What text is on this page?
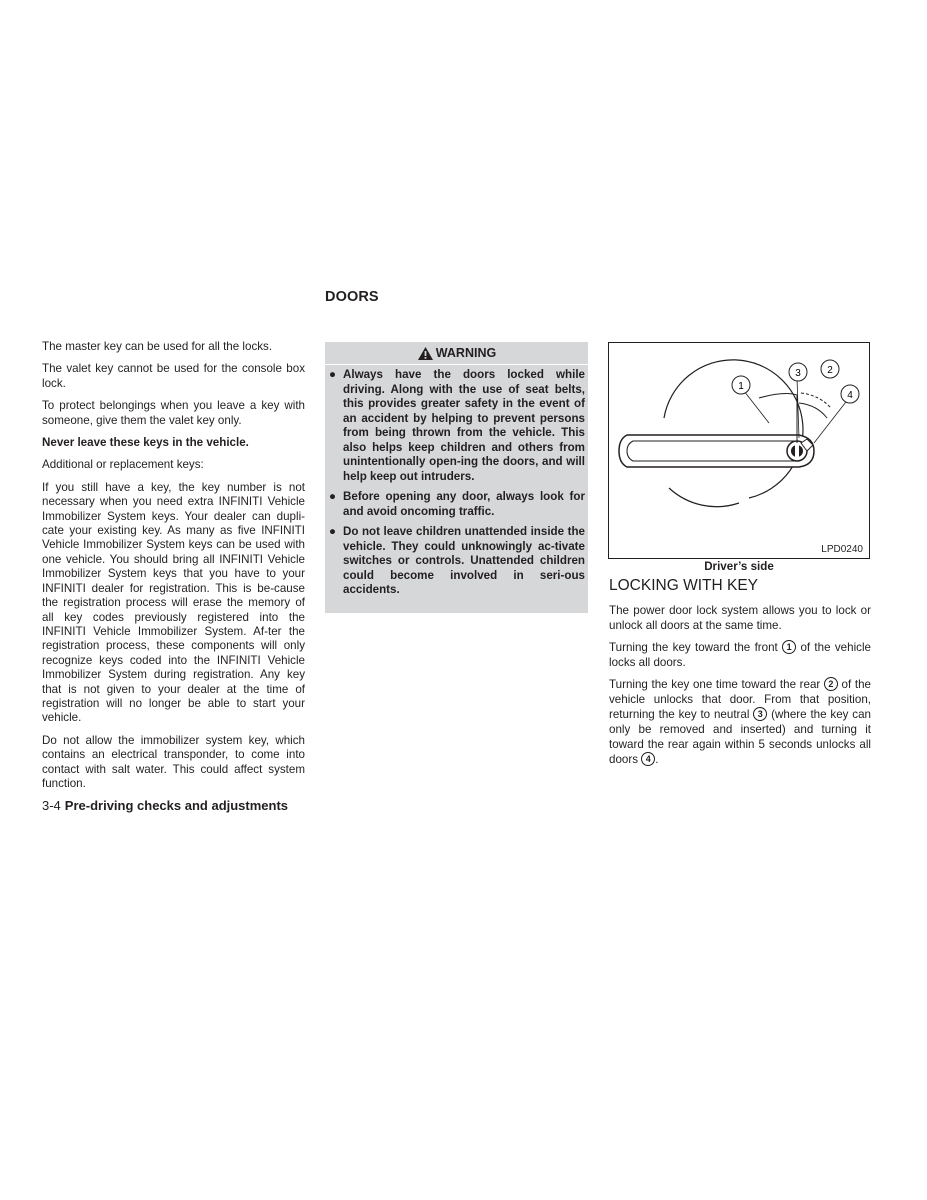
DOORS

The master key can be used for all the locks.

The valet key cannot be used for the console box lock.

To protect belongings when you leave a key with someone, give them the valet key only.

Never leave these keys in the vehicle.

Additional or replacement keys:

If you still have a key, the key number is not necessary when you need extra INFINITI Vehicle Immobilizer System keys. Your dealer can dupli-cate your existing key. As many as five INFINITI Vehicle Immobilizer System keys can be used with one vehicle. You should bring all INFINITI Vehicle Immobilizer System keys that you have to your INFINITI dealer for registration. This is be-cause the registration process will erase the memory of all key codes previously registered into the INFINITI Vehicle Immobilizer System. Af-ter the registration process, these components will only recognize keys coded into the INFINITI Vehicle Immobilizer System during registration. Any key that is not given to your dealer at the time of registration will no longer be able to start your vehicle.

Do not allow the immobilizer system key, which contains an electrical transponder, to come into contact with salt water. This could affect system function.

3-4 Pre-driving checks and adjustments
WARNING
● Always have the doors locked while driving. Along with the use of seat belts, this provides greater safety in the event of an accident by helping to prevent persons from being thrown from the vehicle. This also helps keep children and others from unintentionally open-ing the doors, and will help keep out intruders.
● Before opening any door, always look for and avoid oncoming traffic.
● Do not leave children unattended inside the vehicle. They could unknowingly ac-tivate switches or controls. Unattended children could become involved in seri-ous accidents.
1
3	2
4
LPD0240
Driver’s side
LOCKING WITH KEY

The power door lock system allows you to lock or unlock all doors at the same time.

Turning the key toward the front 1 of the vehicle locks all doors.

Turning the key one time toward the rear 2 of the vehicle unlocks that door. From that position, returning the key to neutral 3 (where the key can only be removed and inserted) and turning it toward the rear again within 5 seconds unlocks all doors 4 .
